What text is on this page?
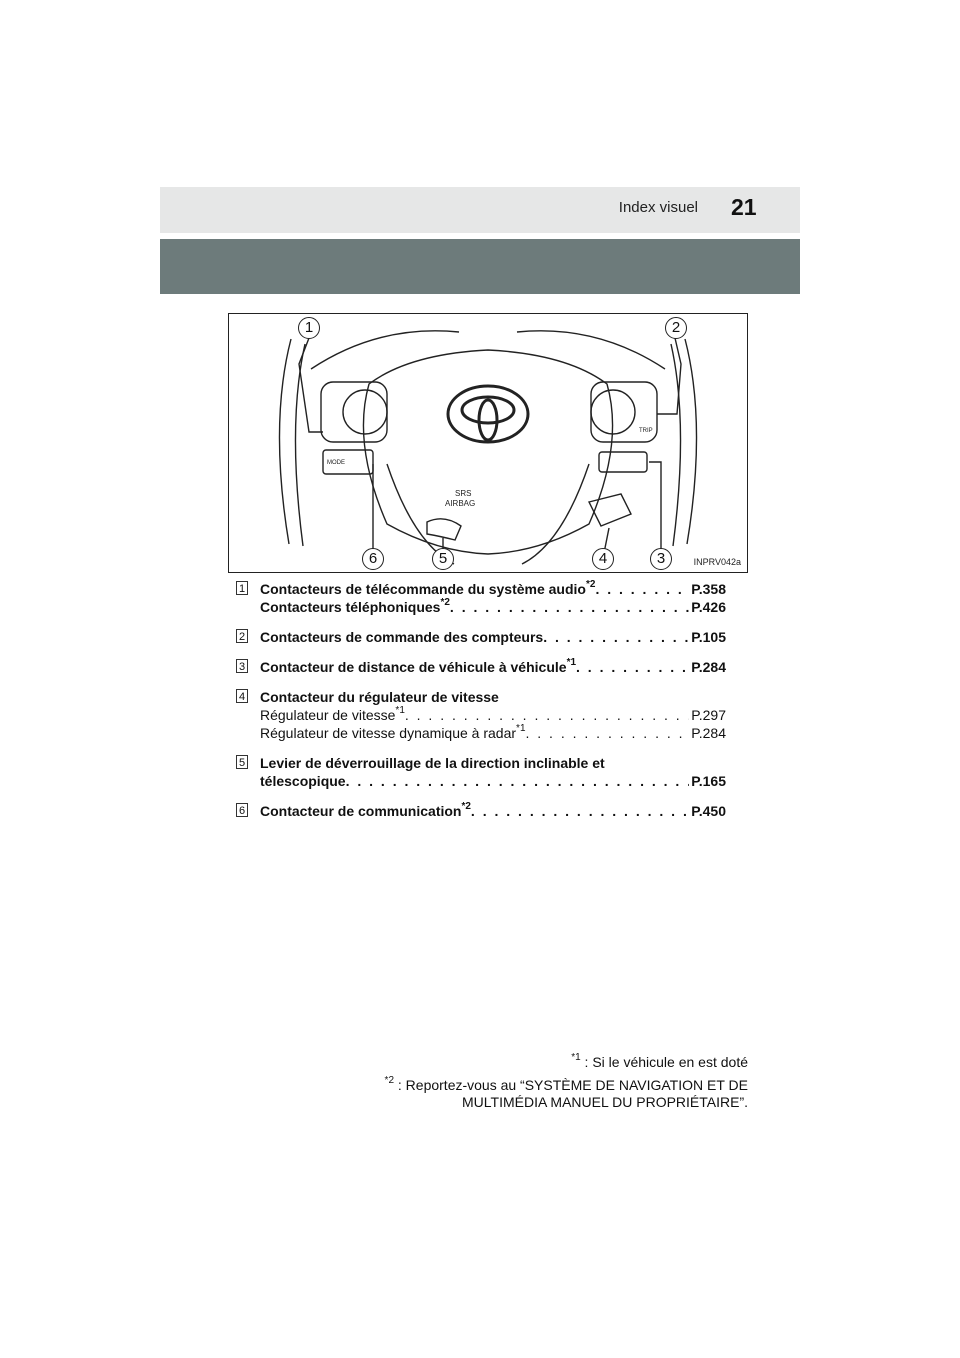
Index visuel 21
SRS
AIRBAG
MODE
TRIP
1	2
3
4
5
6	INPRV042a
1 Contacteurs de télécommande du système audio$^{*2}$ . . .	P.358
Contacteurs téléphoniques$^{*2}$ . . .	P.426
2 Contacteurs de commande des compteurs . . .	P.105
3 Contacteur de distance de véhicule à véhicule$^{*1}$ . . .	P.284
4 Contacteur du régulateur de vitesse
Régulateur de vitesse$^{*1}$ . . .	P.297
Régulateur de vitesse dynamique à radar$^{*1}$ . . .	P.284
5 Levier de déverrouillage de la direction inclinable et
télescopique . . .	P.165
6 Contacteur de communication$^{*2}$ . . .	P.450

$^{*1}$ : Si le véhicule en est doté

$^{*2}$ : Reportez-vous au “SYSTÈME DE NAVIGATION ET DE
MULTIMÉDIA MANUEL DU PROPRIÉTAIRE”.
